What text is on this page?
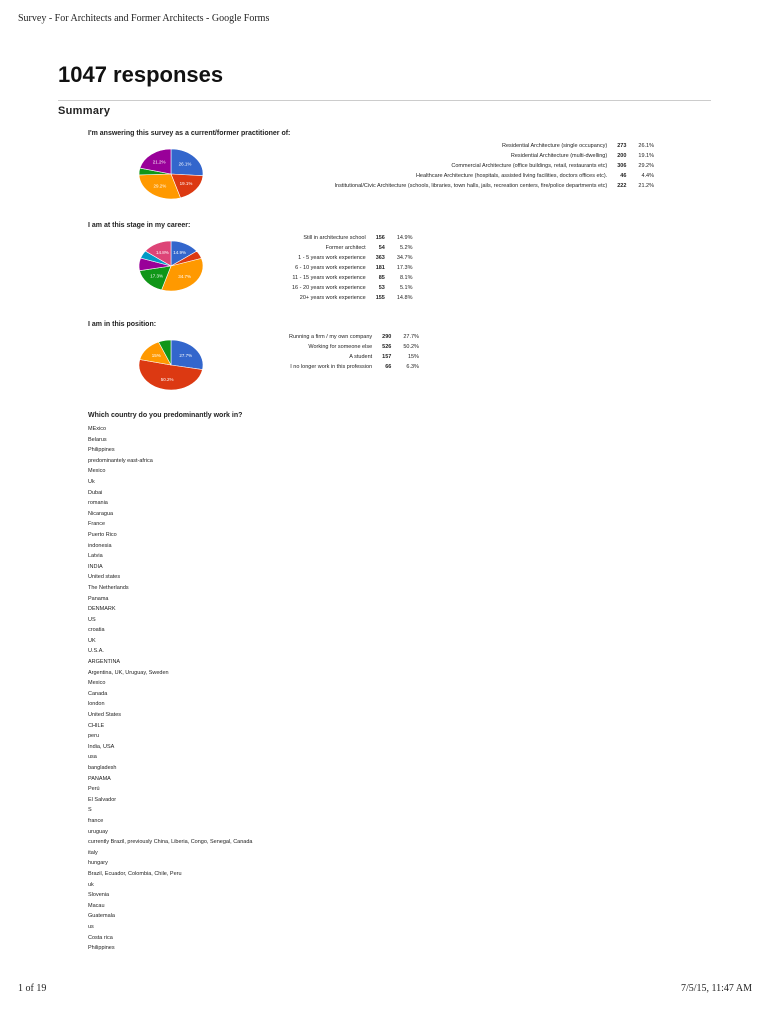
Survey - For Architects and Former Architects - Google Forms
1047 responses
Summary
I'm answering this survey as a current/former practitioner of:
26.1%
19.1%
29.2%
21.2%
Residential Architecture (single occupancy)	273	26.1%
Residential Architecture (multi-dwelling)	200	19.1%
Commercial Architecture (office buildings, retail, restaurants etc)	306	29.2%
Healthcare Architecture (hospitals, assisted living facilities, doctors offices etc).	46	4.4%
Institutional/Civic Architecture (schools, libraries, town halls, jails, recreation centers, fire/police departments etc)	222	21.2%
I am at this stage in my career:
14.9%
34.7%
17.3%
14.8%
Still in architecture school	156	14.9%
Former architect	54	5.2%
1 - 5 years work experience	363	34.7%
6 - 10 years work experience	181	17.3%
11 - 15 years work experience	85	8.1%
16 - 20 years work experience	53	5.1%
20+ years work experience	155	14.8%
I am in this position:
27.7%
50.2%
15%
Running a firm / my own company	290	27.7%
Working for someone else	526	50.2%
A student	157	15%
I no longer work in this profession	66	6.3%
Which country do you predominantly work in?
MExico
Belarus
Philippines
predominantely east-africa
Mexico
Uk
Dubai
romania
Nicaragua
France
Puerto Rico
indonesia
Latvia
INDIA
United states
The Netherlands
Panama
DENMARK
US
croatia
UK
U.S.A.
ARGENTINA
Argentina, UK, Uruguay, Sweden
Mexico
Canada
london
United States
CHILE
peru
India, USA
usa
bangladesh
PANAMA
Perú
El Salvador
S
france
uruguay
currently Brazil, previously China, Liberia, Congo, Senegal, Canada
italy
hungary
Brazil, Ecuador, Colombia, Chile, Peru
uk
Slovenia
Macau
Guatemala
us
Costa rica
Philippines
1 of 19	7/5/15, 11:47 AM
